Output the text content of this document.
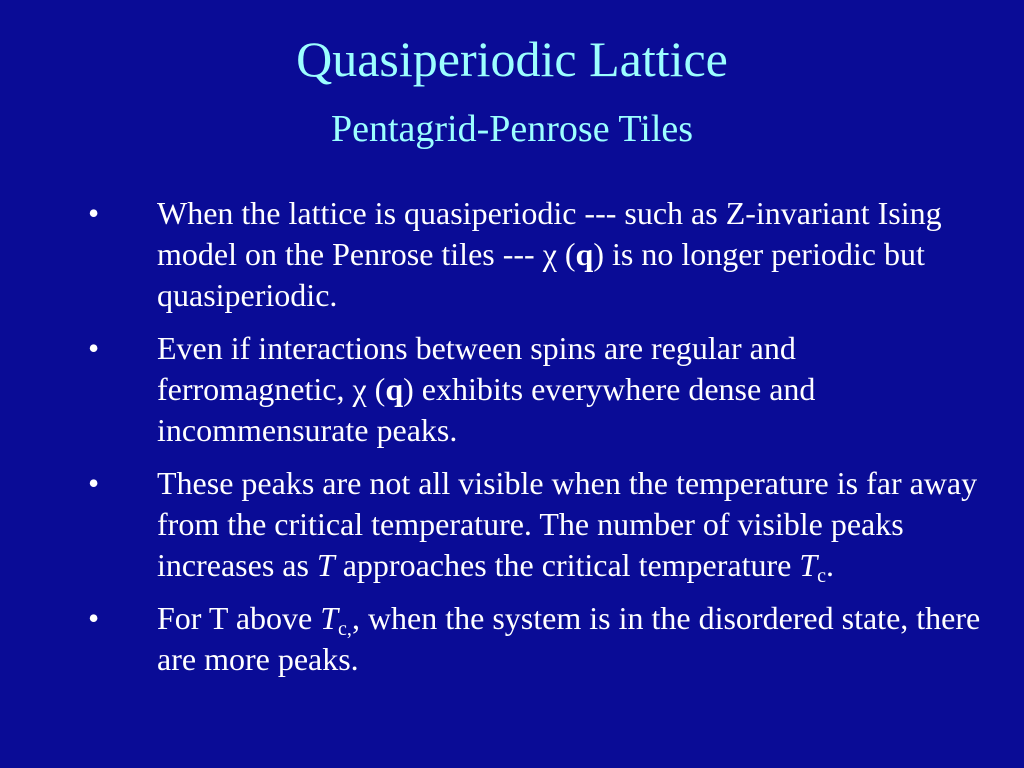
Quasiperiodic Lattice
Pentagrid-Penrose Tiles
• When the lattice is quasiperiodic --- such as Z-invariant Ising model on the Penrose tiles --- χ (q) is no longer periodic but quasiperiodic.
• Even if interactions between spins are regular and ferromagnetic, χ (q) exhibits everywhere dense and incommensurate peaks.
• These peaks are not all visible when the temperature is far away from the critical temperature. The number of visible peaks increases as T approaches the critical temperature $T_c$.
• For T above $T_{c,}$, when the system is in the disordered state, there are more peaks.
